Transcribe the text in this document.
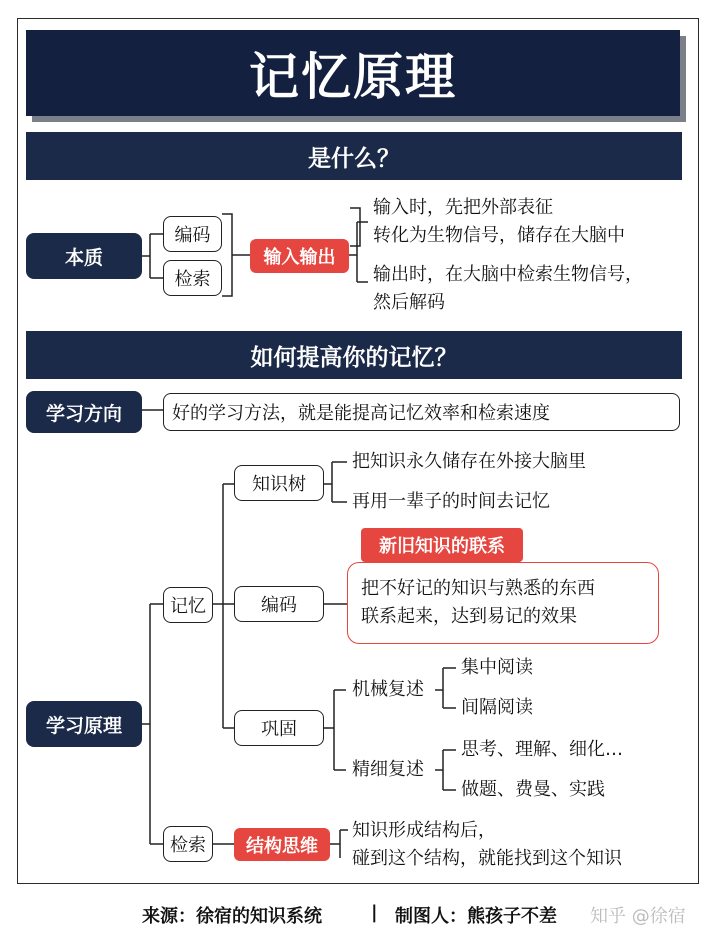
记忆原理
是什么？
本质
编码
检索
输入输出
输入时，先把外部表征
转化为生物信号，储存在大脑中
输出时，在大脑中检索生物信号，
然后解码
如何提高你的记忆？
学习方向	好的学习方法，就是能提高记忆效率和检索速度
学习原理
记忆
检索
知识树
把知识永久储存在外接大脑里
再用一辈子的时间去记忆
编码
新旧知识的联系
把不好记的知识与熟悉的东西
联系起来，达到易记的效果
巩固
机械复述
集中阅读
间隔阅读
精细复述
思考、理解、细化…
做题、费曼、实践
结构思维
知识形成结构后，
碰到这个结构，就能找到这个知识
来源：徐宿的知识系统	| 制图人：熊孩子不差 知乎 @徐宿
